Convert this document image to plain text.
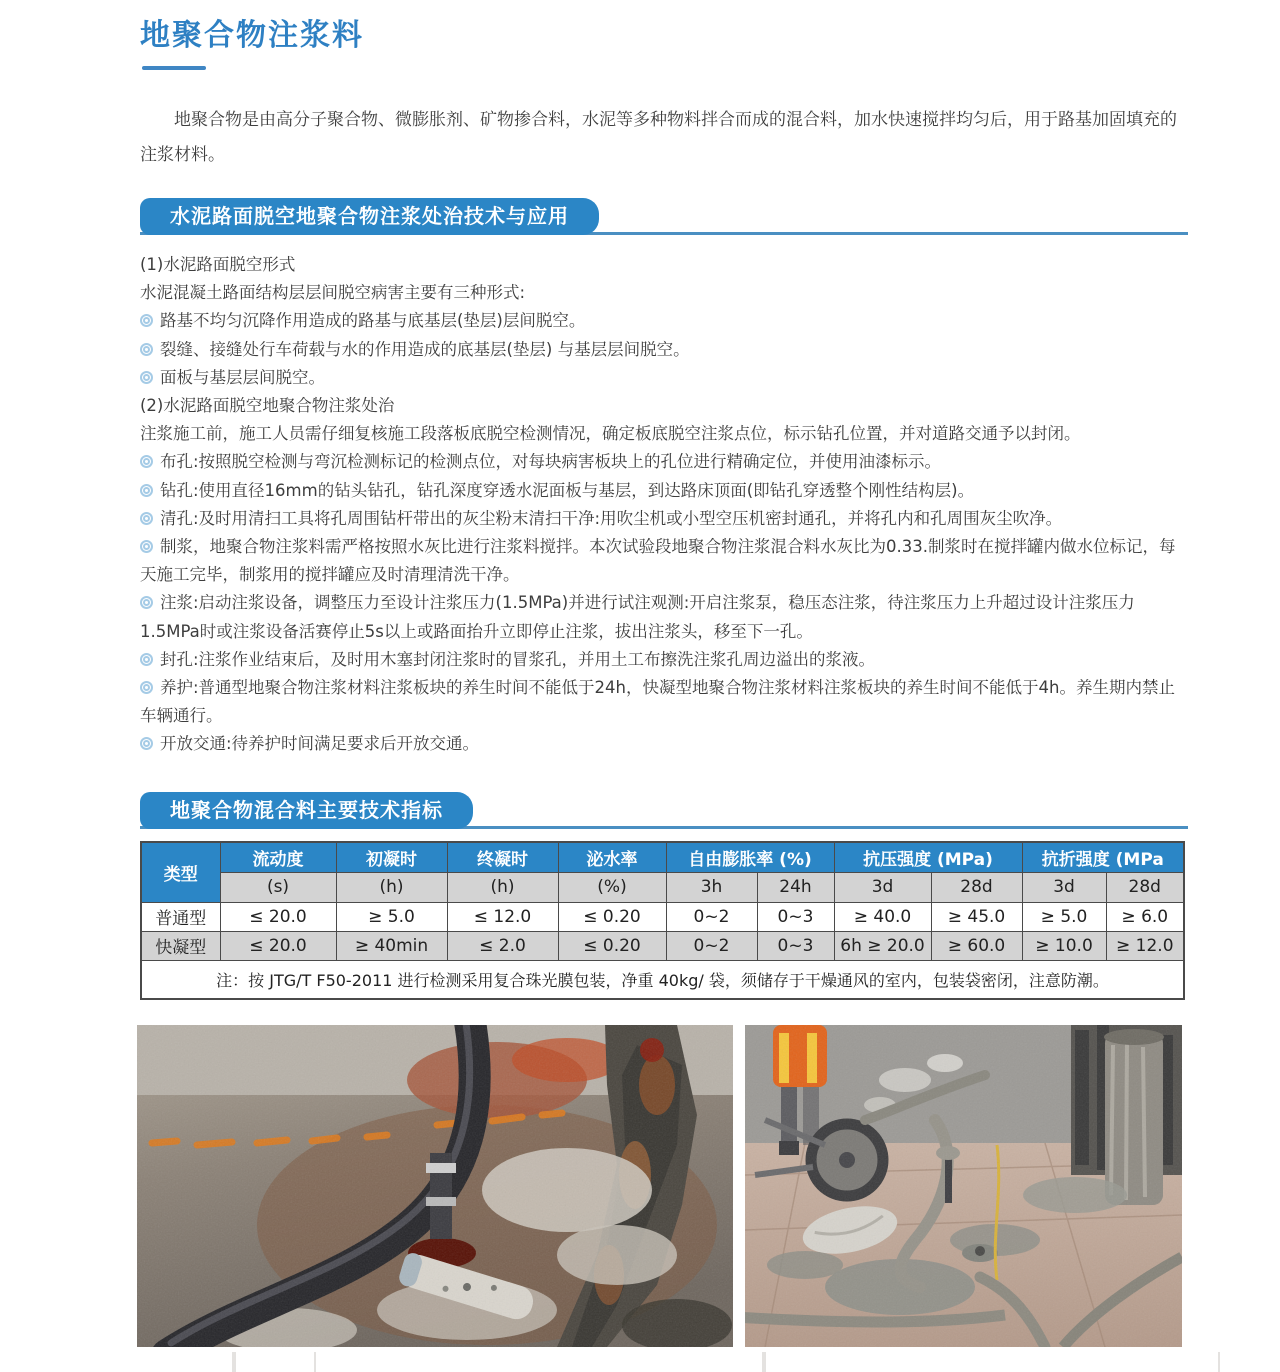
地聚合物注浆料
地聚合物是由高分子聚合物、微膨胀剂、矿物掺合料，水泥等多种物料拌合而成的混合料，加水快速搅拌均匀后，用于路基加固填充的注浆材料。
水泥路面脱空地聚合物注浆处治技术与应用

(1)水泥路面脱空形式

水泥混凝土路面结构层层间脱空病害主要有三种形式:

路基不均匀沉降作用造成的路基与底基层(垫层)层间脱空。

裂缝、接缝处行车荷载与水的作用造成的底基层(垫层) 与基层层间脱空。

面板与基层层间脱空。

(2)水泥路面脱空地聚合物注浆处治

注浆施工前，施工人员需仔细复核施工段落板底脱空检测情况，确定板底脱空注浆点位，标示钻孔位置，并对道路交通予以封闭。

布孔:按照脱空检测与弯沉检测标记的检测点位，对每块病害板块上的孔位进行精确定位，并使用油漆标示。

钻孔:使用直径16mm的钻头钻孔，钻孔深度穿透水泥面板与基层，到达路床顶面(即钻孔穿透整个刚性结构层)。

清孔:及时用清扫工具将孔周围钻杆带出的灰尘粉末清扫干净:用吹尘机或小型空压机密封通孔，并将孔内和孔周围灰尘吹净。

制浆，地聚合物注浆料需严格按照水灰比进行注浆料搅拌。本次试验段地聚合物注浆混合料水灰比为0.33.制浆时在搅拌罐内做水位标记，每天施工完毕，制浆用的搅拌罐应及时清理清洗干净。

注浆:启动注浆设备，调整压力至设计注浆压力(1.5MPa)并进行试注观测:开启注浆泵，稳压态注浆，待注浆压力上升超过设计注浆压力1.5MPa时或注浆设备活赛停止5s以上或路面抬升立即停止注浆，拔出注浆头，移至下一孔。

封孔:注浆作业结束后，及时用木塞封闭注浆时的冒浆孔，并用土工布擦洗注浆孔周边溢出的浆液。

养护:普通型地聚合物注浆材料注浆板块的养生时间不能低于24h，快凝型地聚合物注浆材料注浆板块的养生时间不能低于4h。养生期内禁止车辆通行。

开放交通:待养护时间满足要求后开放交通。

地聚合物混合料主要技术指标
类型	流动度	初凝时	终凝时	泌水率	自由膨胀率 (%)		抗压强度 (MPa)		抗折强度 (MPa	
	(s)	(h)	(h)	(%)	3h	24h	3d	28d	3d	28d
普通型	≤ 20.0	≥ 5.0	≤ 12.0	≤ 0.20	0~2	0~3	≥ 40.0	≥ 45.0	≥ 5.0	≥ 6.0
快凝型	≤ 20.0	≥ 40min	≤ 2.0	≤ 0.20	0~2	0~3	6h ≥ 20.0	≥ 60.0	≥ 10.0	≥ 12.0
注：按 JTG/T F50-2011 进行检测采用复合珠光膜包装，净重 40kg/ 袋，须储存于干燥通风的室内，包装袋密闭，注意防潮。										
